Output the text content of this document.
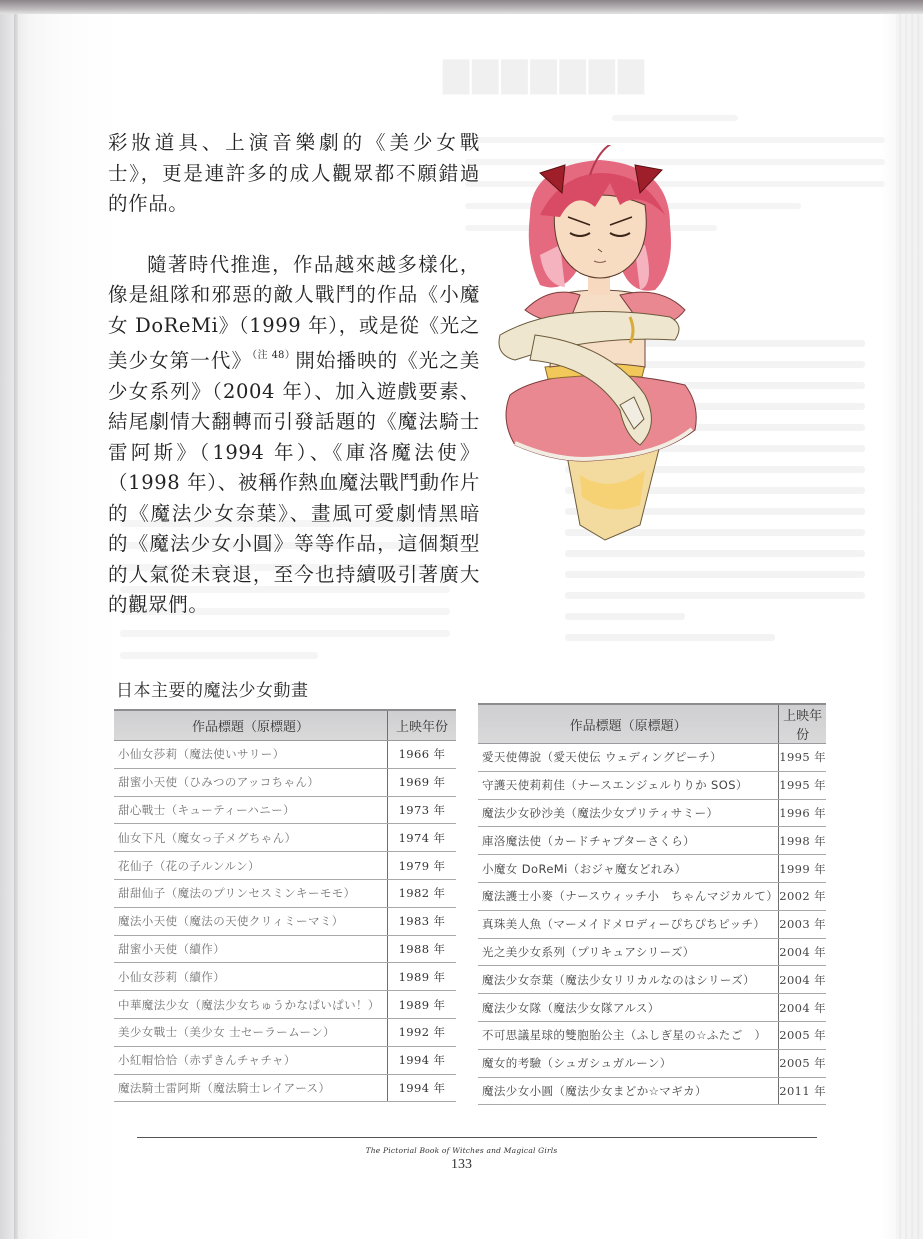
▇▇▇▇▇▇▇

彩妝道具、上演音樂劇的《美少女戰士》，更是連許多的成人觀眾都不願錯過的作品。

隨著時代推進，作品越來越多樣化，像是組隊和邪惡的敵人戰鬥的作品《小魔女 DoReMi》（1999 年），或是從《光之美少女第一代》$^{(注 48)}$開始播映的《光之美少女系列》（2004 年）、加入遊戲要素、結尾劇情大翻轉而引發話題的《魔法騎士雷阿斯》（1994 年）、《庫洛魔法使》（1998 年）、被稱作熱血魔法戰鬥動作片的《魔法少女奈葉》、畫風可愛劇情黑暗的《魔法少女小圓》等等作品，這個類型的人氣從未衰退，至今也持續吸引著廣大的觀眾們。

日本主要的魔法少女動畫
作品標題（原標題）	上映年份
小仙女莎莉（魔法使いサリー）	1966 年
甜蜜小天使（ひみつのアッコちゃん）	1969 年
甜心戰士（キューティーハニー）	1973 年
仙女下凡（魔女っ子メグちゃん）	1974 年
花仙子（花の子ルンルン）	1979 年
甜甜仙子（魔法のプリンセスミンキーモモ）	1982 年
魔法小天使（魔法の天使クリィミーマミ）	1983 年
甜蜜小天使（續作）	1988 年
小仙女莎莉（續作）	1989 年
中華魔法少女（魔法少女ちゅうかなぱいぱい！）	1989 年
美少女戰士（美少女 士セーラームーン）	1992 年
小紅帽恰恰（赤ずきんチャチャ）	1994 年
魔法騎士雷阿斯（魔法騎士レイアース）	1994 年
作品標題（原標題）	上映年份
愛天使傳說（愛天使伝 ウェディングピーチ）	1995 年
守護天使莉莉佳（ナースエンジェルりりか SOS）	1995 年
魔法少女砂沙美（魔法少女プリティサミー）	1996 年
庫洛魔法使（カードチャプターさくら）	1998 年
小魔女 DoReMi（おジャ魔女どれみ）	1999 年
魔法護士小麥（ナースウィッチ小　ちゃんマジカルて）	2002 年
真珠美人魚（マーメイドメロディーぴちぴちピッチ）	2003 年
光之美少女系列（プリキュアシリーズ）	2004 年
魔法少女奈葉（魔法少女リリカルなのはシリーズ）	2004 年
魔法少女隊（魔法少女隊アルス）	2004 年
不可思議星球的雙胞胎公主（ふしぎ星の☆ふたご　）	2005 年
魔女的考驗（シュガシュガルーン）	2005 年
魔法少女小圓（魔法少女まどか☆マギカ）	2011 年
The Pictorial Book of Witches and Magical Girls
133
